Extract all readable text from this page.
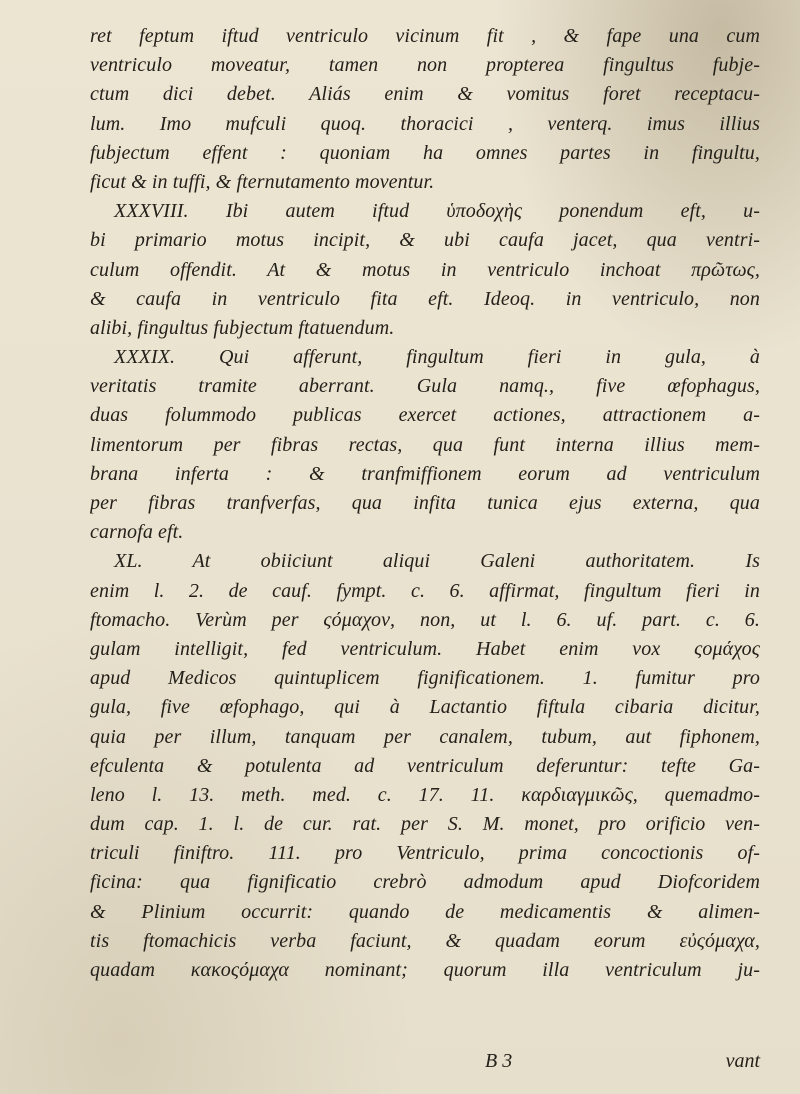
ret feptum iftud ventriculo vicinum fit , & fape una cum
ventriculo moveatur, tamen non propterea fingultus fubje-
ctum dici debet. Aliás enim & vomitus foret receptacu-
lum. Imo mufculi quoq. thoracici , venterq. imus illius
fubjectum effent : quoniam ha omnes partes in fingultu,
ficut & in tuffi, & fternutamento moventur.
XXXVIII. Ibi autem iftud ὑποδοχὴς ponendum eft, u-
bi primario motus incipit, & ubi caufa jacet, qua ventri-
culum offendit. At & motus in ventriculo inchoat πρῶτως,
& caufa in ventriculo fita eft. Ideoq. in ventriculo, non
alibi, fingultus fubjectum ftatuendum.
XXXIX. Qui afferunt, fingultum fieri in gula, à
veritatis tramite aberrant. Gula namq., five œfophagus,
duas folummodo publicas exercet actiones, attractionem a-
limentorum per fibras rectas, qua funt interna illius mem-
brana inferta : & tranfmiffionem eorum ad ventriculum
per fibras tranfverfas, qua infita tunica ejus externa, qua
carnofa eft.
XL. At obiiciunt aliqui Galeni authoritatem. Is
enim l. 2. de cauf. fympt. c. 6. affirmat, fingultum fieri in
ftomacho. Verùm per ςόμαχον, non, ut l. 6. uf. part. c. 6.
gulam intelligit, fed ventriculum. Habet enim vox ςομάχος
apud Medicos quintuplicem fignificationem. 1. fumitur pro
gula, five œfophago, qui à Lactantio fiftula cibaria dicitur,
quia per illum, tanquam per canalem, tubum, aut fiphonem,
efculenta & potulenta ad ventriculum deferuntur: tefte Ga-
leno l. 13. meth. med. c. 17. 11. καρδιαγμικῶς, quemadmo-
dum cap. 1. l. de cur. rat. per S. M. monet, pro orificio ven-
triculi finiftro. 111. pro Ventriculo, prima concoctionis of-
ficina: qua fignificatio crebrò admodum apud Diofcoridem
& Plinium occurrit: quando de medicamentis & alimen-
tis ftomachicis verba faciunt, & quadam eorum εὐςόμαχα,
quadam κακοςόμαχα nominant; quorum illa ventriculum ju-
B 3	vant
